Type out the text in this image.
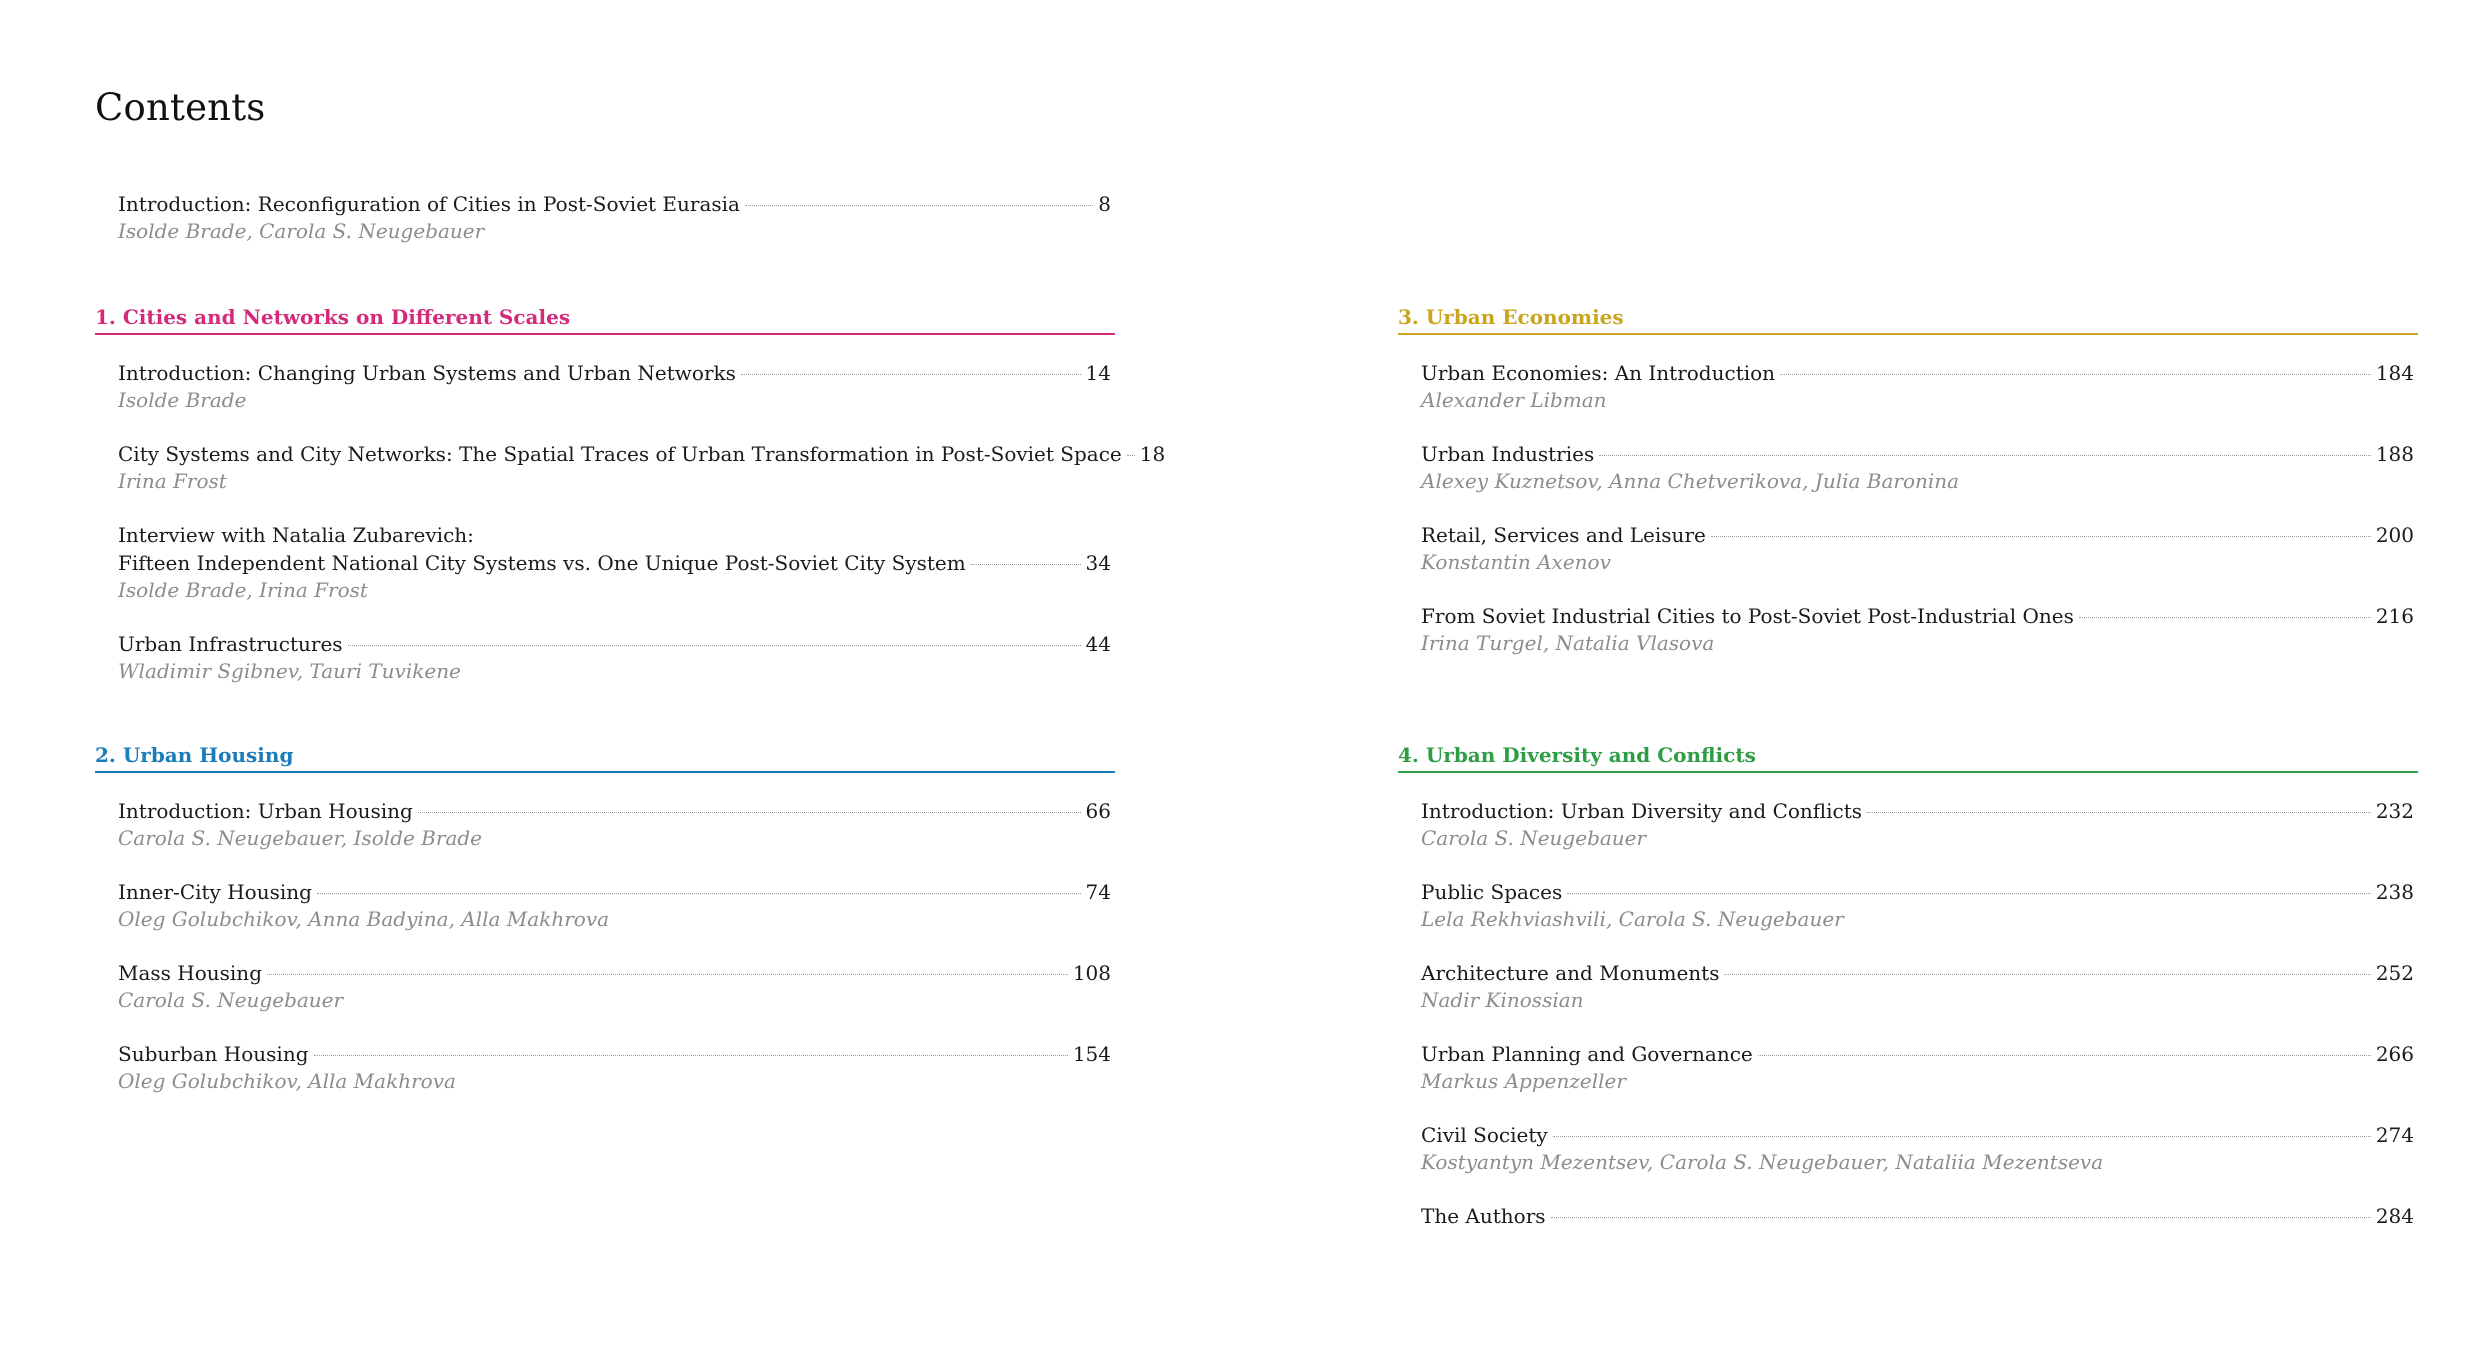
Contents
Introduction: Reconfiguration of Cities in Post-Soviet Eurasia	8
Isolde Brade, Carola S. Neugebauer
1. Cities and Networks on Different Scales
Introduction: Changing Urban Systems and Urban Networks	14
Isolde Brade
City Systems and City Networks: The Spatial Traces of Urban Transformation in Post-Soviet Space 18
Irina Frost
Interview with Natalia Zubarevich:
Fifteen Independent National City Systems vs. One Unique Post-Soviet City System	34
Isolde Brade, Irina Frost
Urban Infrastructures	44
Wladimir Sgibnev, Tauri Tuvikene
2. Urban Housing
Introduction: Urban Housing	66
Carola S. Neugebauer, Isolde Brade
Inner-City Housing	74
Oleg Golubchikov, Anna Badyina, Alla Makhrova
Mass Housing	108
Carola S. Neugebauer
Suburban Housing	154
Oleg Golubchikov, Alla Makhrova
3. Urban Economies
Urban Economies: An Introduction	184
Alexander Libman
Urban Industries	188
Alexey Kuznetsov, Anna Chetverikova, Julia Baronina
Retail, Services and Leisure	200
Konstantin Axenov
From Soviet Industrial Cities to Post-Soviet Post-Industrial Ones	216
Irina Turgel, Natalia Vlasova
4. Urban Diversity and Conflicts
Introduction: Urban Diversity and Conflicts	232
Carola S. Neugebauer
Public Spaces	238
Lela Rekhviashvili, Carola S. Neugebauer
Architecture and Monuments	252
Nadir Kinossian
Urban Planning and Governance	266
Markus Appenzeller
Civil Society	274
Kostyantyn Mezentsev, Carola S. Neugebauer, Nataliia Mezentseva
The Authors	284
